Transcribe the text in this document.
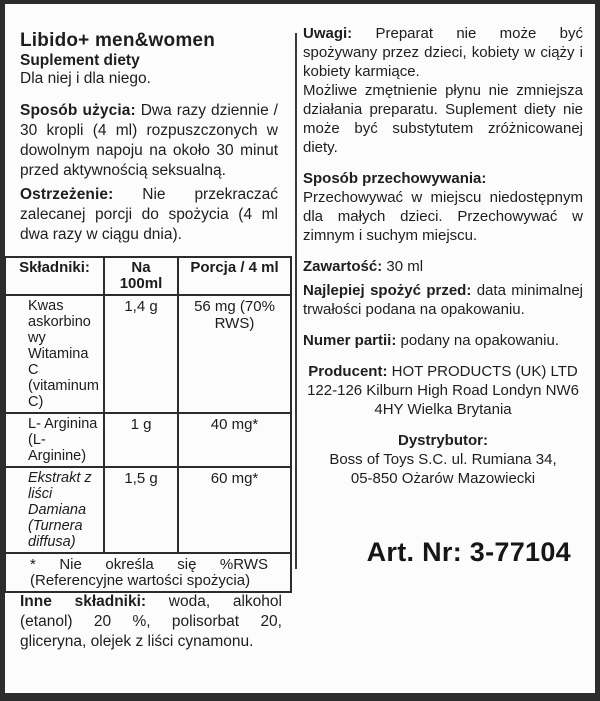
Libido+ men&women
Suplement diety
Dla niej i dla niego.

Sposób użycia: Dwa razy dziennie / 30 kropli (4 ml) rozpuszczonych w dowolnym napoju na około 30 minut przed aktywnością seksualną.

Ostrzeżenie: Nie przekraczać zalecanej porcji do spożycia (4 ml dwa razy w ciągu dnia).

Składniki:	Na 100ml	Porcja / 4 ml
Kwas askorbinowy Witamina C (vitaminum C)	1,4 g	56 mg (70% RWS)
L- Arginina (L- Arginine)	1 g	40 mg*
Ekstrakt z liści Damiana (Turnera diffusa)	1,5 g	60 mg*
* Nie określa się %RWS (Referencyjne wartości spożycia)		

Inne składniki: woda, alkohol (etanol) 20 %, polisorbat 20, gliceryna, olejek z liści cynamonu.

Uwagi: Preparat nie może być spożywany przez dzieci, kobiety w ciąży i kobiety karmiące.

Możliwe zmętnienie płynu nie zmniejsza działania preparatu. Suplement diety nie może być substytutem zróżnicowanej diety.

Sposób przechowywania:

Przechowywać w miejscu niedostępnym dla małych dzieci. Przechowywać w zimnym i suchym miejscu.

Zawartość: 30 ml

Najlepiej spożyć przed: data minimalnej trwałości podana na opakowaniu.

Numer partii: podany na opakowaniu.

Producent: HOT PRODUCTS (UK) LTD 122-126 Kilburn High Road Londyn NW6 4HY Wielka Brytania

Dystrybutor:

Boss of Toys S.C. ul. Rumiana 34,

05-850 Ożarów Mazowiecki

Art. Nr: 3-77104
